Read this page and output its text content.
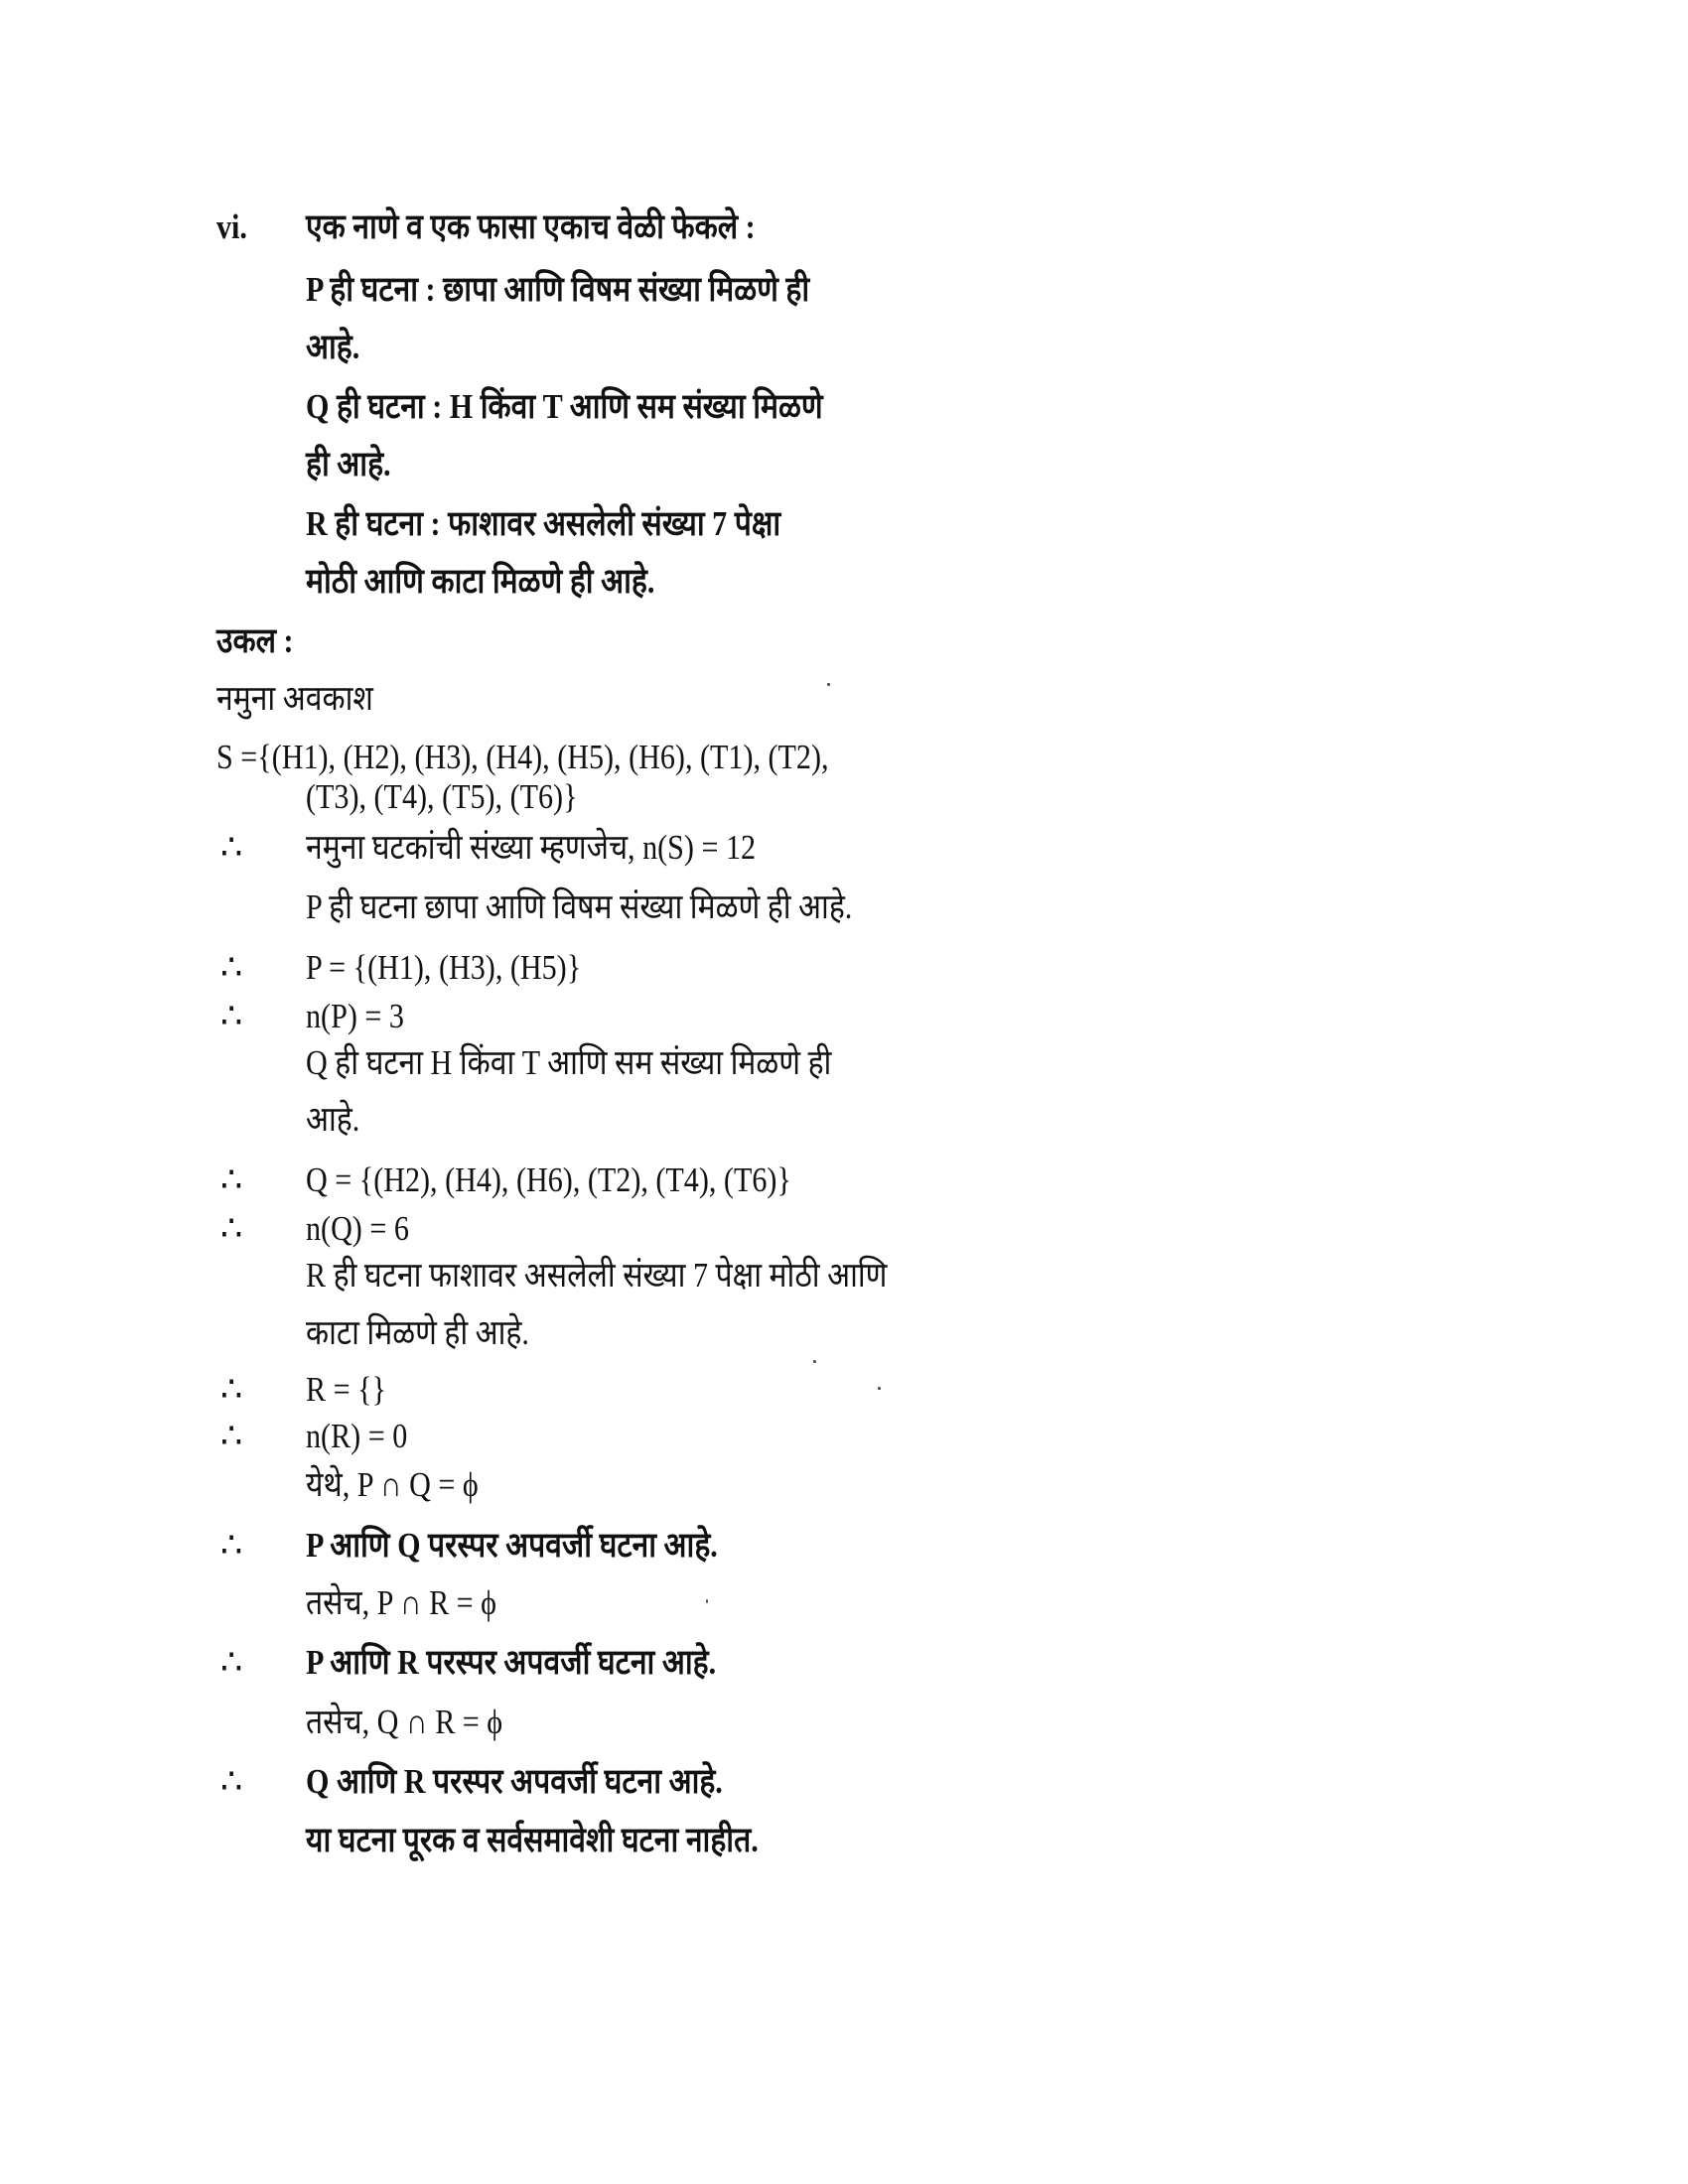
vi. एक नाणे व एक फासा एकाच वेळी फेकले :
P ही घटना : छापा आणि विषम संख्या मिळणे ही
आहे.
Q ही घटना : H किंवा T आणि सम संख्या मिळणे
ही आहे.
R ही घटना : फाशावर असलेली संख्या 7 पेक्षा
मोठी आणि काटा मिळणे ही आहे.
उकल :
नमुना अवकाश
S ={(H1), (H2), (H3), (H4), (H5), (H6), (T1), (T2),
(T3), (T4), (T5), (T6)}
∴ नमुना घटकांची संख्या म्हणजेच, n(S) = 12
P ही घटना छापा आणि विषम संख्या मिळणे ही आहे.
∴ P = {(H1), (H3), (H5)}
∴ n(P) = 3
Q ही घटना H किंवा T आणि सम संख्या मिळणे ही
आहे.
∴ Q = {(H2), (H4), (H6), (T2), (T4), (T6)}
∴ n(Q) = 6
R ही घटना फाशावर असलेली संख्या 7 पेक्षा मोठी आणि
काटा मिळणे ही आहे.
∴ R = {}
∴ n(R) = 0
येथे, P ∩ Q = ϕ
∴ P आणि Q परस्पर अपवर्जी घटना आहे.
तसेच, P ∩ R = ϕ
∴ P आणि R परस्पर अपवर्जी घटना आहे.
तसेच, Q ∩ R = ϕ
∴ Q आणि R परस्पर अपवर्जी घटना आहे.
या घटना पूरक व सर्वसमावेशी घटना नाहीत.
